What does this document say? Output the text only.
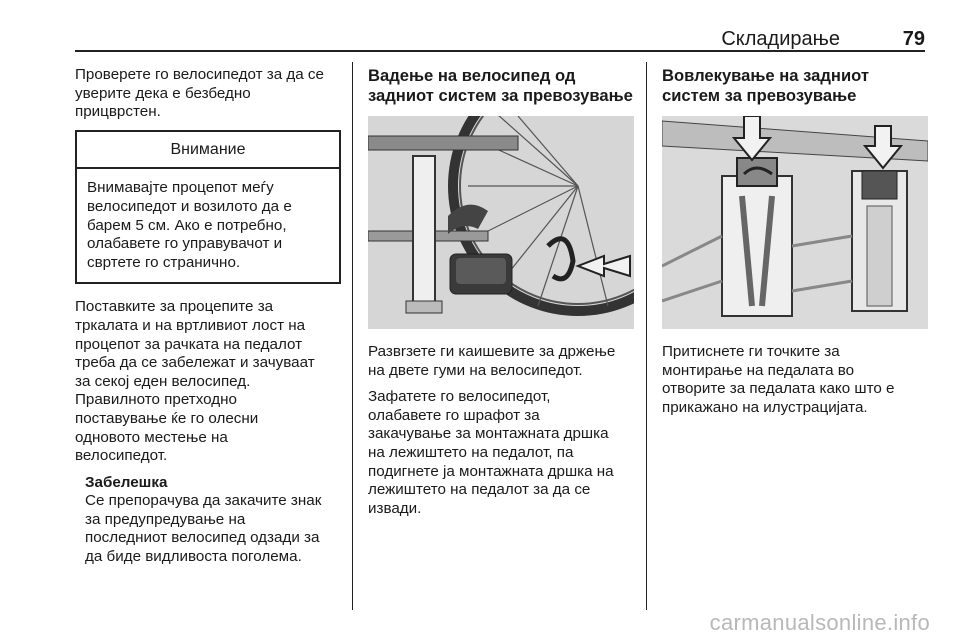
Складирање	79

Проверете го велосипедот за да се
уверите дека е безбедно
прицврстен.

Внимание
Внимавајте процепот меѓу
велосипедот и возилото да е
барем 5 см. Ако е потребно,
олабавете го управувачот и
свртете го странично.

Поставките за процепите за
тркалата и на вртливиот лост на
процепот за рачката на педалот
треба да се забележат и зачуваат
за секој еден велосипед.
Правилното претходно
поставување ќе го олесни
одновото местење на
велосипедот.

Забелешка
Се препорачува да закачите знак
за предупредување на
последниот велосипед одзади за
да биде видливоста поголема.
Вадење на велосипед од
задниот систем за превозување

Развrзете ги каишевите за држење
на двете гуми на велосипедот.

Зафатете го велосипедот,
олабавете го шрафот за
закачување за монтажната дршка
на лежиштето на педалот, па
подигнете ја монтажната дршка на
лежиштето на педалот за да се
извади.

Вовлекување на задниот
систем за превозување

Притиснете ги точките за
монтирање на педалата во
отворите за педалата како што е
прикажано на илустрацијата.

carmanualsonline.info
